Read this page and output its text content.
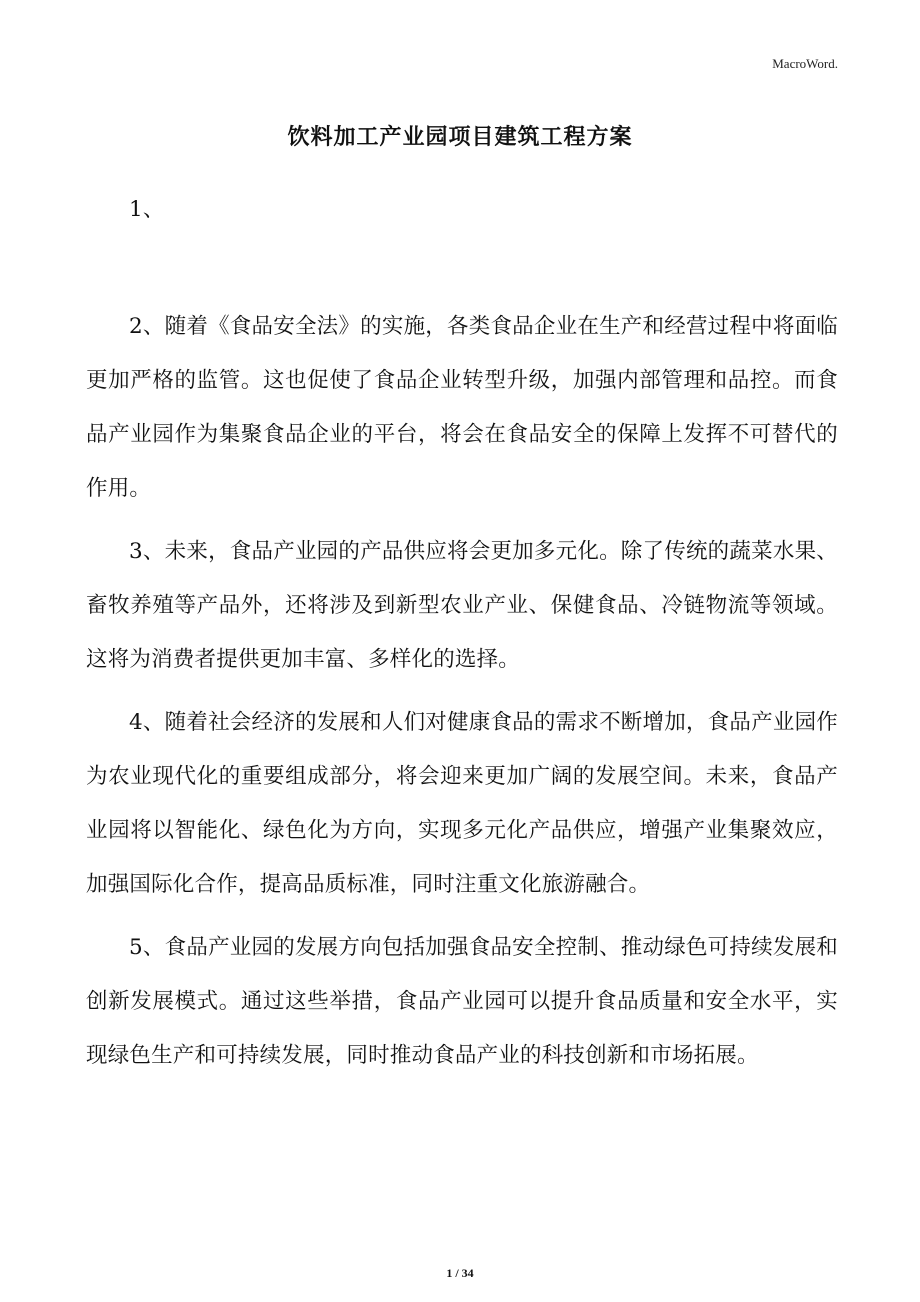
MacroWord.
饮料加工产业园项目建筑工程方案

1、

2、随着《食品安全法》的实施，各类食品企业在生产和经营过程中将面临更加严格的监管。这也促使了食品企业转型升级，加强内部管理和品控。而食品产业园作为集聚食品企业的平台，将会在食品安全的保障上发挥不可替代的作用。

3、未来，食品产业园的产品供应将会更加多元化。除了传统的蔬菜水果、畜牧养殖等产品外，还将涉及到新型农业产业、保健食品、冷链物流等领域。这将为消费者提供更加丰富、多样化的选择。

4、随着社会经济的发展和人们对健康食品的需求不断增加，食品产业园作为农业现代化的重要组成部分，将会迎来更加广阔的发展空间。未来，食品产业园将以智能化、绿色化为方向，实现多元化产品供应，增强产业集聚效应，加强国际化合作，提高品质标准，同时注重文化旅游融合。

5、食品产业园的发展方向包括加强食品安全控制、推动绿色可持续发展和创新发展模式。通过这些举措，食品产业园可以提升食品质量和安全水平，实现绿色生产和可持续发展，同时推动食品产业的科技创新和市场拓展。

1 / 34
